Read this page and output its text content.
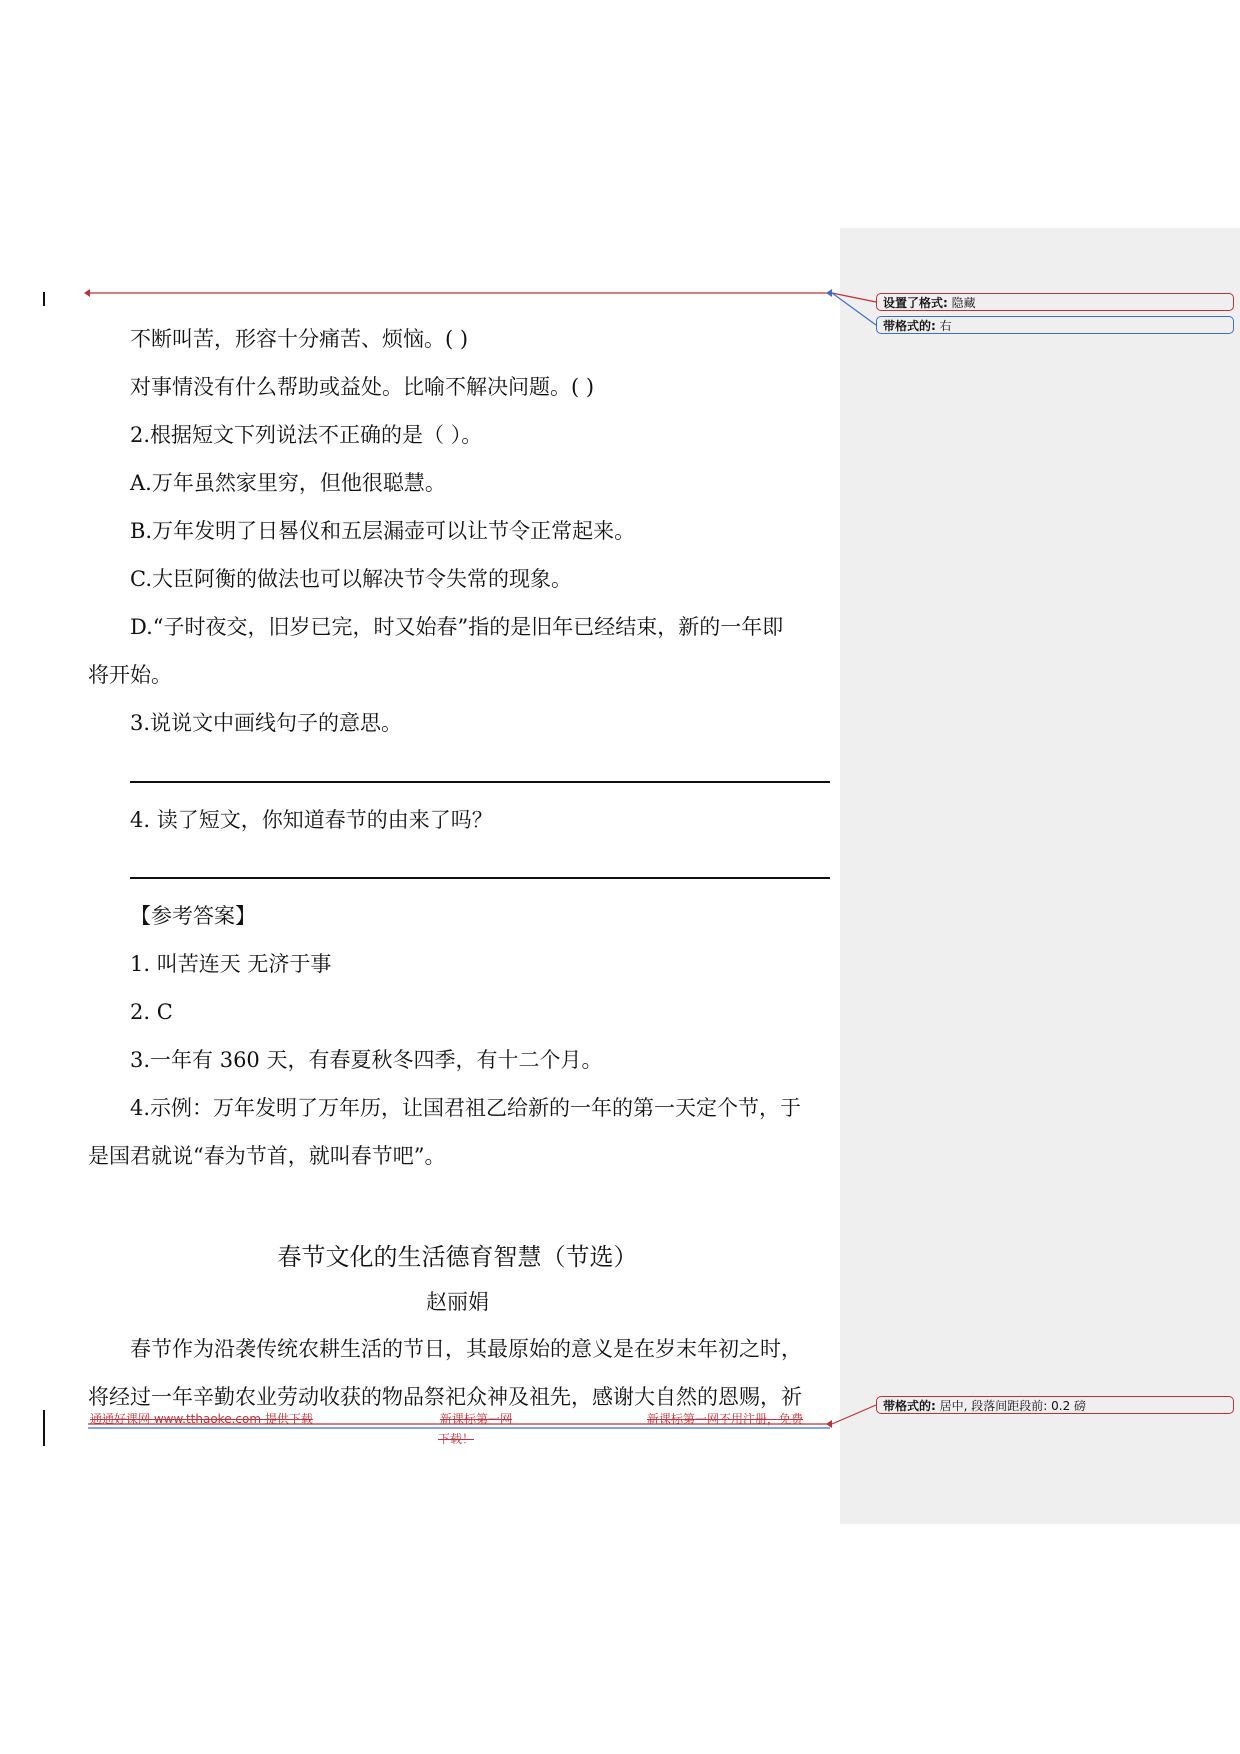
不断叫苦，形容十分痛苦、烦恼。( )
对事情没有什么帮助或益处。比喻不解决问题。( )
2.根据短文下列说法不正确的是（ ）。
A.万年虽然家里穷，但他很聪慧。
B.万年发明了日晷仪和五层漏壶可以让节令正常起来。
C.大臣阿衡的做法也可以解决节令失常的现象。
D.“子时夜交，旧岁已完，时又始春”指的是旧年已经结束，新的一年即
将开始。
3.说说文中画线句子的意思。
4. 读了短文，你知道春节的由来了吗？
【参考答案】
1. 叫苦连天 无济于事
2. C
3.一年有 360 天，有春夏秋冬四季，有十二个月。
4.示例：万年发明了万年历，让国君祖乙给新的一年的第一天定个节，于
是国君就说“春为节首，就叫春节吧”。
春节文化的生活德育智慧（节选）
赵丽娟
春节作为沿袭传统农耕生活的节日，其最原始的意义是在岁末年初之时，
将经过一年辛勤农业劳动收获的物品祭祀众神及祖先，感谢大自然的恩赐，祈
通通好课网 www.tthaoke.com 提供下载	新课标第一网
下载！
新课标第一网不用注册，免费
设置了格式: 隐藏
带格式的: 右
带格式的: 居中, 段落间距段前: 0.2 磅
